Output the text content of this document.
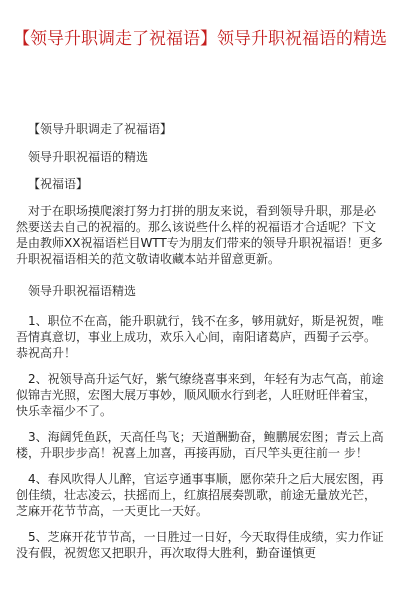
【领导升职调走了祝福语】领导升职祝福语的精选

【领导升职调走了祝福语】

领导升职祝福语的精选

【祝福语】

对于在职场摸爬滚打努力打拼的朋友来说，看到领导升职，那是必然要送去自己的祝福的。那么该说些什么样的祝福语才合适呢？下文是由教师XX祝福语栏目WTT专为朋友们带来的领导升职祝福语！更多升职祝福语相关的范文敬请收藏本站并留意更新。

领导升职祝福语精选

1、职位不在高，能升职就行，钱不在多，够用就好，斯是祝贺，唯吾情真意切，事业上成功，欢乐入心间，南阳诸葛庐，西蜀子云亭。恭祝高升！

2、祝领导高升运气好，紫气缭绕喜事来到，年轻有为志气高，前途似锦吉光照，宏图大展万事妙，顺风顺水行到老，人旺财旺伴着宝，快乐幸福少不了。

3、海阔凭鱼跃，天高任鸟飞；天道酬勤奋，鲍鹏展宏图；青云上高楼，升职步步高！祝喜上加喜，再接再励，百尺竿头更往前一 步！

4、春风吹得人儿醉，官运亨通事事顺，愿你荣升之后大展宏图，再创佳绩，壮志凌云，扶摇而上，红旗招展奏凯歌，前途无量放光芒，芝麻开花节节高，一天更比一天好。

5、芝麻开花节节高，一日胜过一日好，今天取得佳成绩，实力作证没有假，祝贺您又把职升，再次取得大胜利，勤奋谨慎更
